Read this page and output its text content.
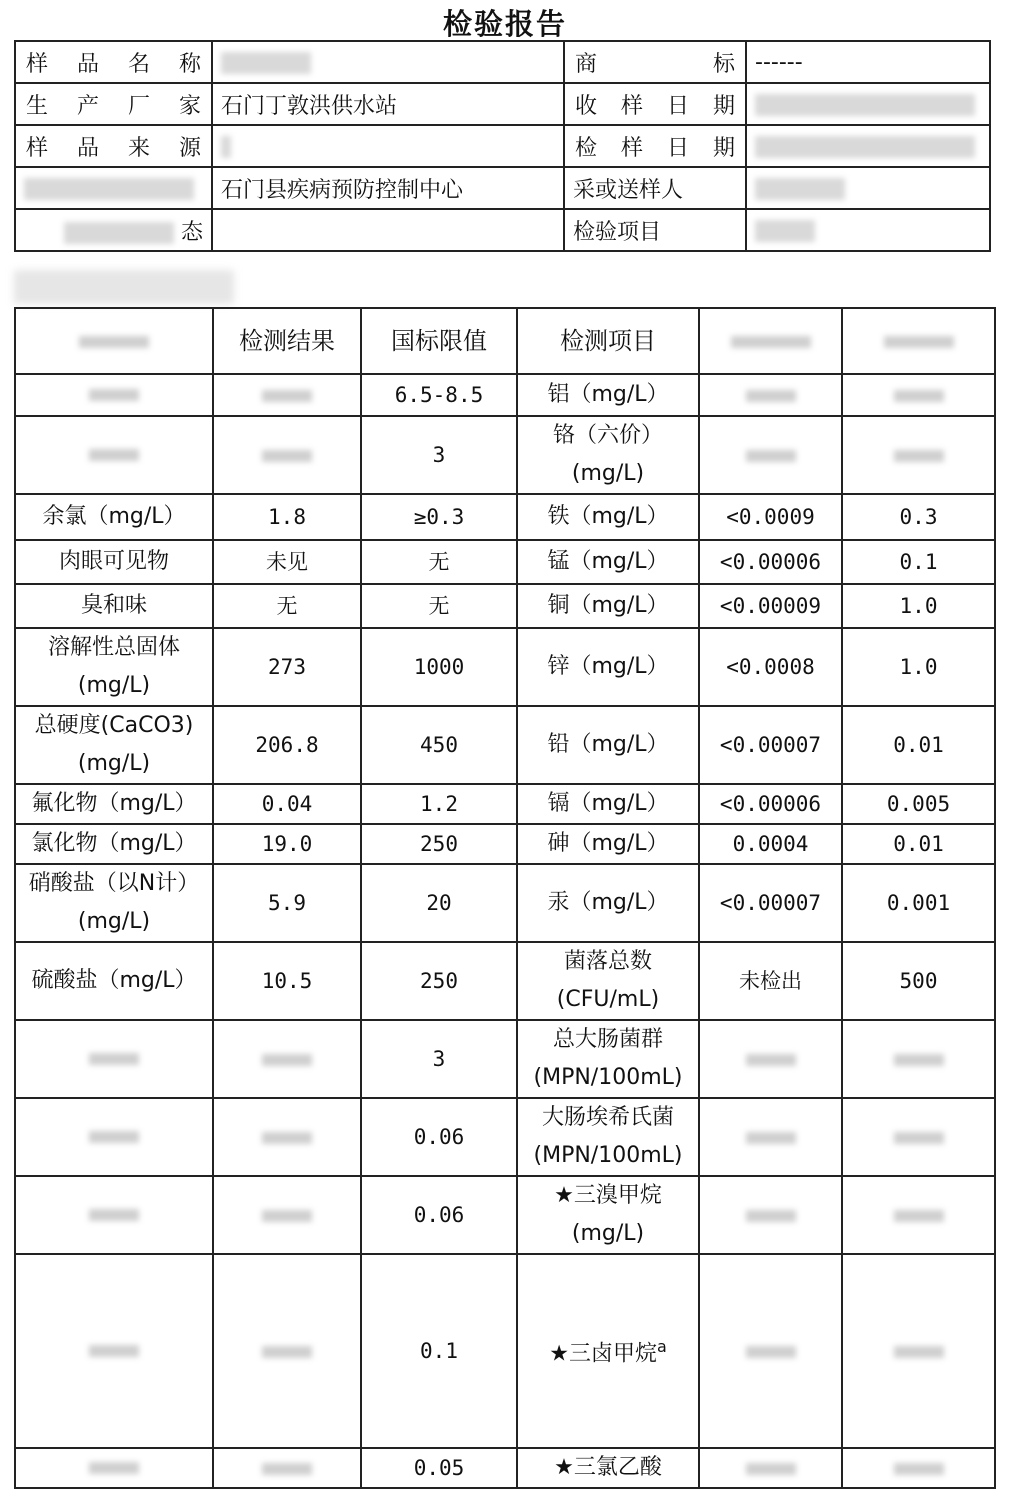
检验报告
样 品 名 称		商 标	------
生 产 厂 家	石门丁敦洪供水站	收 样 日 期	
样 品 来 源		检 样 日 期	
	石门县疾病预防控制中心	采或送样人	
态		检验项目	
	检测结果	国标限值	检测项目		
		6.5-8.5	铝（mg/L）		
		3	铬（六价）(mg/L)		
余氯（mg/L）	1.8	≥0.3	铁（mg/L）	<0.0009	0.3
肉眼可见物	未见	无	锰（mg/L）	<0.00006	0.1
臭和味	无	无	铜（mg/L）	<0.00009	1.0
溶解性总固体(mg/L)	273	1000	锌（mg/L）	<0.0008	1.0
总硬度(CaCO3)(mg/L)	206.8	450	铅（mg/L）	<0.00007	0.01
氟化物（mg/L）	0.04	1.2	镉（mg/L）	<0.00006	0.005
氯化物（mg/L）	19.0	250	砷（mg/L）	0.0004	0.01
硝酸盐（以N计）(mg/L)	5.9	20	汞（mg/L）	<0.00007	0.001
硫酸盐（mg/L）	10.5	250	菌落总数(CFU/mL)	未检出	500
		3	总大肠菌群(MPN/100mL)		
		0.06	大肠埃希氏菌(MPN/100mL)		
		0.06	★三溴甲烷(mg/L)		
		0.1	★三卤甲烷$^a$		
		0.05	★三氯乙酸		
